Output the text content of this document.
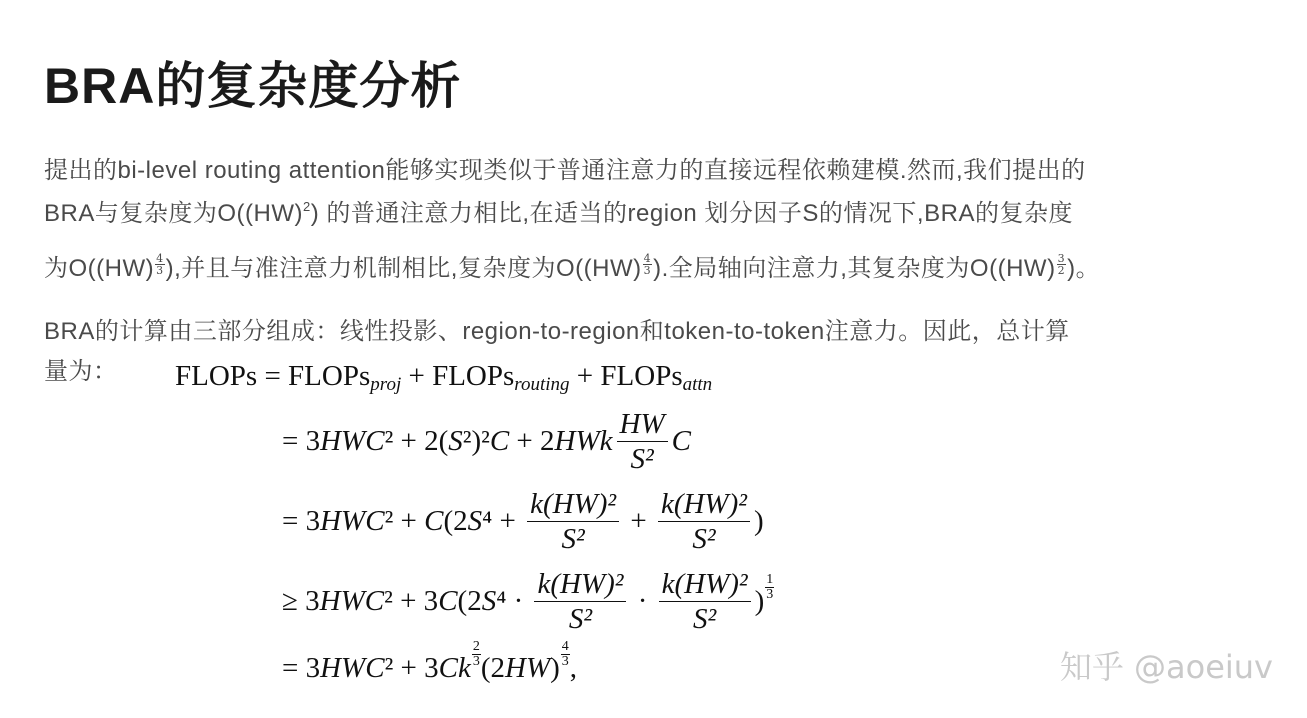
BRA的复杂度分析
提出的bi-level routing attention能够实现类似于普通注意力的直接远程依赖建模.然而,我们提出的
BRA与复杂度为O((HW)$^2$) 的普通注意力相比,在适当的region 划分因子S的情况下,BRA的复杂度
为$O((HW) \frac{4}{3}$ ),并且与准注意力机制相比,复杂度为$O((HW) \frac{4}{3}$ ).全局轴向注意力,其复杂度为$O((HW) \frac{3}{2}$ )。
BRA的计算由三部分组成：线性投影、region-to-region和token-to-token注意力。因此，总计算
量为： FLOPs = FLOPs proj + FLOPs routing + FLOPs attn
= 3 HWC ² + 2( S ²)² C + 2 HWk $\frac{HW}{\text{S²}}$ C
= 3 HWC ² + C (2 S $^4 + \frac{\text{k(HW)²}}{\text{S²}} + \frac{\text{k(HW)²}}{\text{S²}}$ )
≥ 3 HWC ² + 3 C (2 S $^4 \cdot \frac{\text{k(HW)²}}{\text{S²}} \cdot \frac{\text{k(HW)²}}{\text{S²}}$ ) $\frac{1}{3}$
= 3 HWC ² + 3 Ck $\frac{2}{3} (2$ HW ) $\frac{4}{3}$ ,	知乎 @aoeiuv
